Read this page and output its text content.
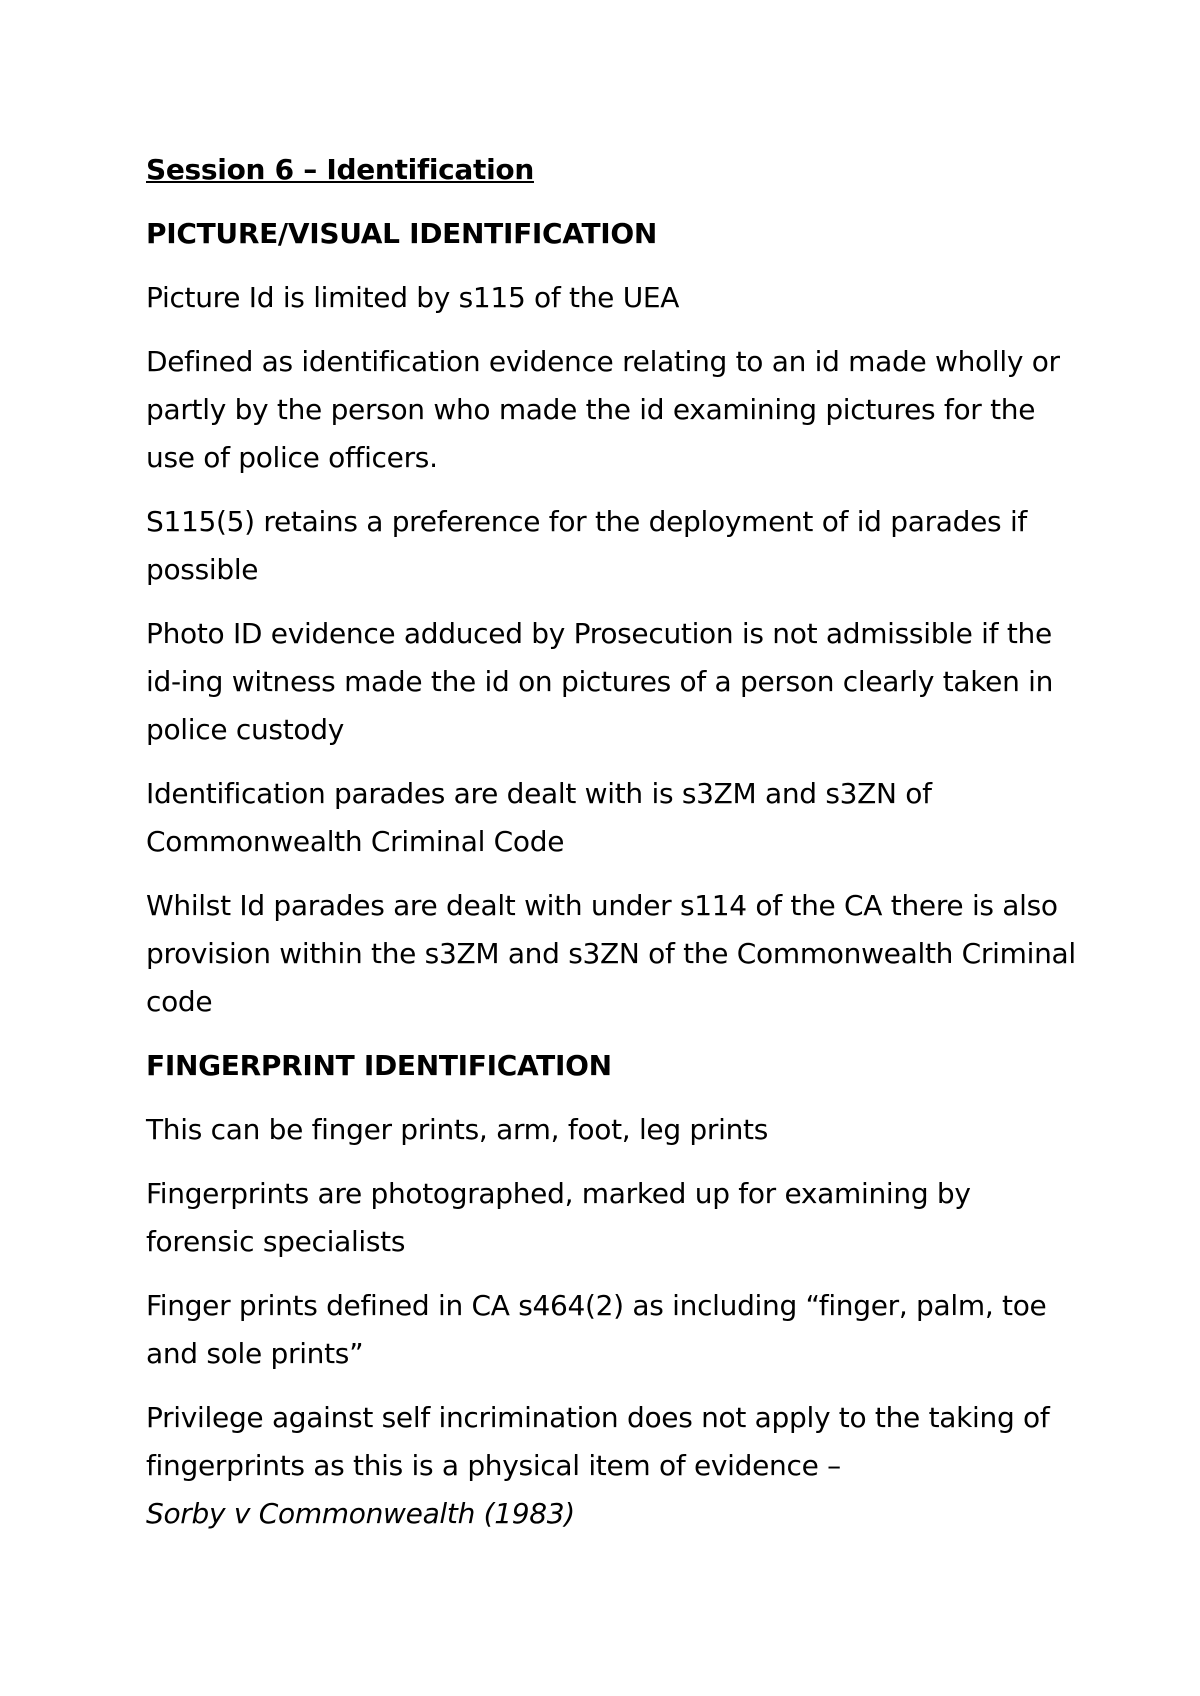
Session 6 – Identification

PICTURE/VISUAL IDENTIFICATION

Picture Id is limited by s115 of the UEA

Defined as identification evidence relating to an id made wholly or partly by the person who made the id examining pictures for the use of police officers.

S115(5) retains a preference for the deployment of id parades if possible

Photo ID evidence adduced by Prosecution is not admissible if the id-ing witness made the id on pictures of a person clearly taken in police custody

Identification parades are dealt with is s3ZM and s3ZN of Commonwealth Criminal Code

Whilst Id parades are dealt with under s114 of the CA there is also provision within the s3ZM and s3ZN of the Commonwealth Criminal code

FINGERPRINT IDENTIFICATION

This can be finger prints, arm, foot, leg prints

Fingerprints are photographed, marked up for examining by forensic specialists

Finger prints defined in CA s464(2) as including “finger, palm, toe and sole prints”

Privilege against self incrimination does not apply to the taking of fingerprints as this is a physical item of evidence –
Sorby v Commonwealth (1983)
